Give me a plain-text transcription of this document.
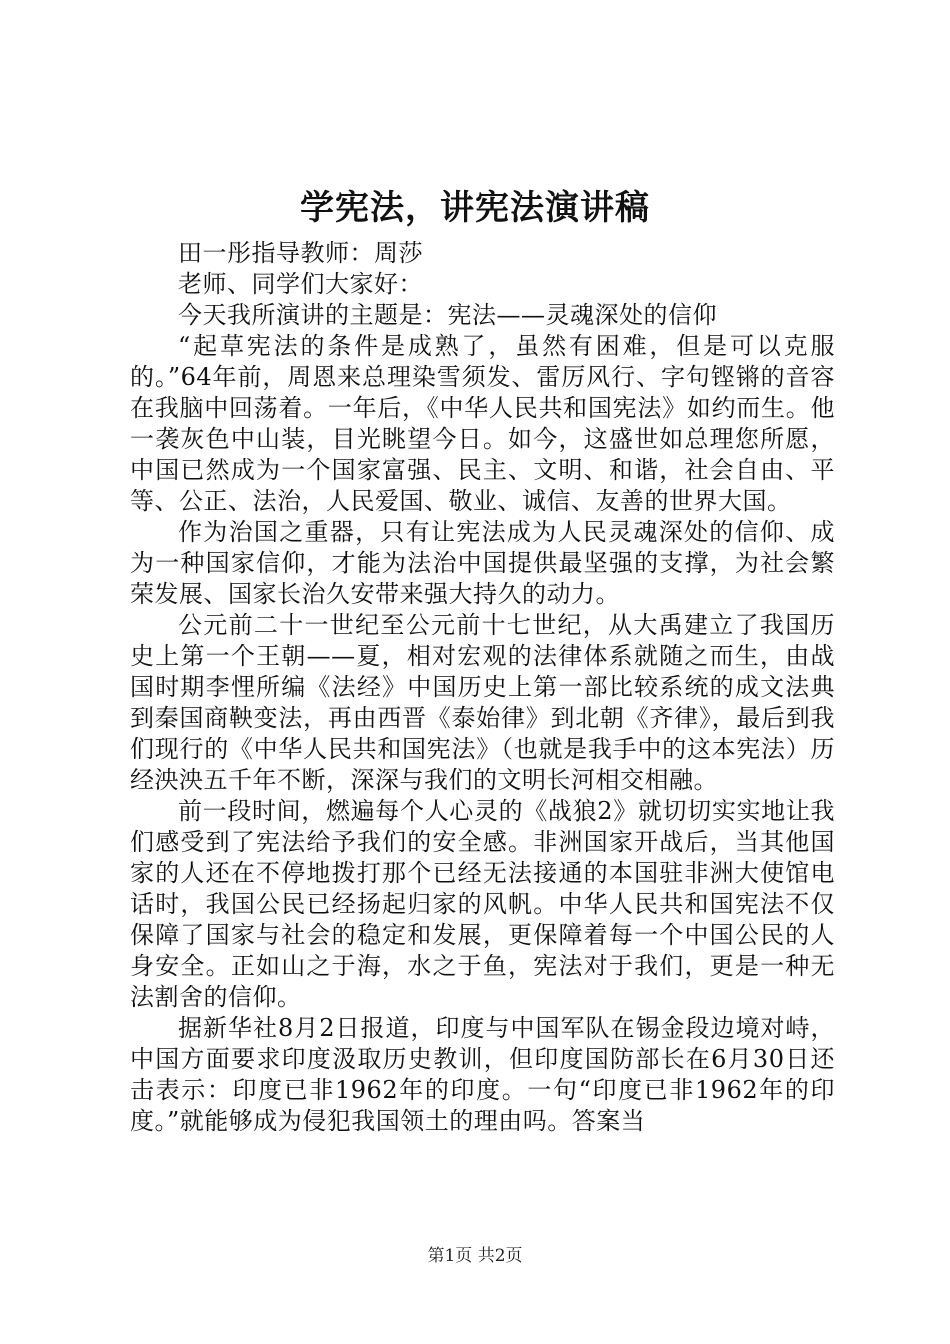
学宪法，讲宪法演讲稿

田一彤指导教师：周莎

老师、同学们大家好：

今天我所演讲的主题是：宪法——灵魂深处的信仰

“起草宪法的条件是成熟了，虽然有困难，但是可以克服的。”64年前，周恩来总理染雪须发、雷厉风行、字句铿锵的音容在我脑中回荡着。一年后，《中华人民共和国宪法》如约而生。他一袭灰色中山装，目光眺望今日。如今，这盛世如总理您所愿，中国已然成为一个国家富强、民主、文明、和谐，社会自由、平等、公正、法治，人民爱国、敬业、诚信、友善的世界大国。

作为治国之重器，只有让宪法成为人民灵魂深处的信仰、成为一种国家信仰，才能为法治中国提供最坚强的支撑，为社会繁荣发展、国家长治久安带来强大持久的动力。

公元前二十一世纪至公元前十七世纪，从大禹建立了我国历史上第一个王朝——夏，相对宏观的法律体系就随之而生，由战国时期李悝所编《法经》中国历史上第一部比较系统的成文法典到秦国商鞅变法，再由西晋《泰始律》到北朝《齐律》，最后到我们现行的《中华人民共和国宪法》（也就是我手中的这本宪法）历经泱泱五千年不断，深深与我们的文明长河相交相融。

前一段时间，燃遍每个人心灵的《战狼2》就切切实实地让我们感受到了宪法给予我们的安全感。非洲国家开战后，当其他国家的人还在不停地拨打那个已经无法接通的本国驻非洲大使馆电话时，我国公民已经扬起归家的风帆。中华人民共和国宪法不仅保障了国家与社会的稳定和发展，更保障着每一个中国公民的人身安全。正如山之于海，水之于鱼，宪法对于我们，更是一种无法割舍的信仰。

据新华社8月2日报道，印度与中国军队在锡金段边境对峙，中国方面要求印度汲取历史教训，但印度国防部长在6月30日还击表示：印度已非1962年的印度。一句“印度已非1962年的印度。”就能够成为侵犯我国领土的理由吗。答案当

第1页 共2页
